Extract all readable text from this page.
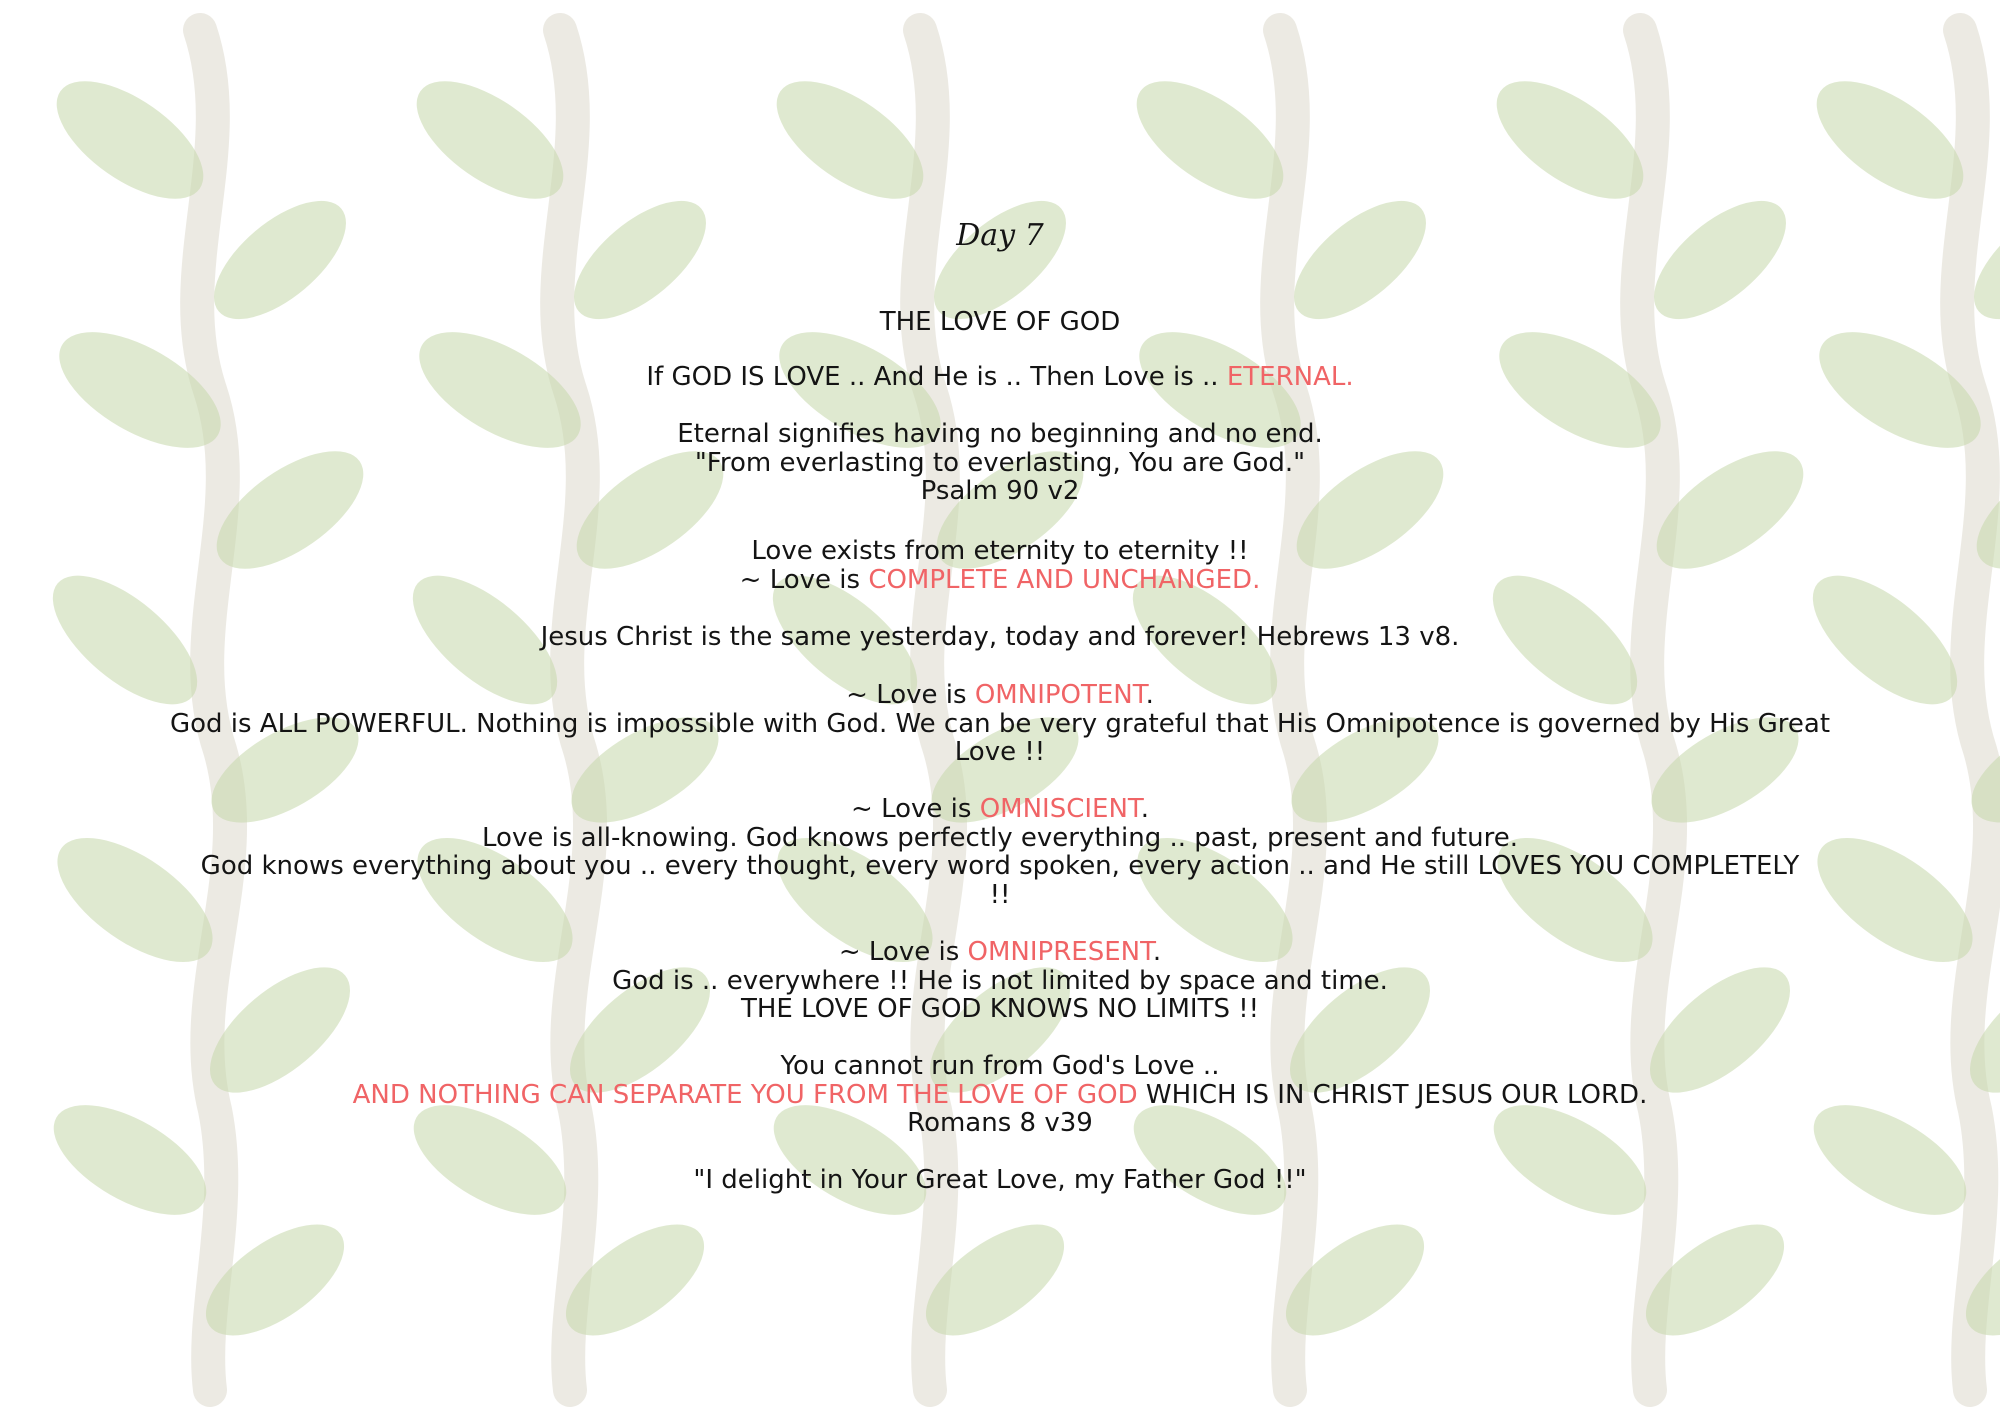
Day 7
THE LOVE OF GOD
If GOD IS LOVE .. And He is .. Then Love is .. ETERNAL.
Eternal signifies having no beginning and no end.
"From everlasting to everlasting, You are God."
Psalm 90 v2
Love exists from eternity to eternity !!
~ Love is COMPLETE AND UNCHANGED.
Jesus Christ is the same yesterday, today and forever! Hebrews 13 v8.
~ Love is OMNIPOTENT.
God is ALL POWERFUL. Nothing is impossible with God. We can be very grateful that His Omnipotence is governed by His Great Love !!
~ Love is OMNISCIENT.
Love is all-knowing. God knows perfectly everything .. past, present and future.
God knows everything about you .. every thought, every word spoken, every action .. and He still LOVES YOU COMPLETELY !!
~ Love is OMNIPRESENT.
God is .. everywhere !! He is not limited by space and time.
THE LOVE OF GOD KNOWS NO LIMITS !!
You cannot run from God's Love ..
AND NOTHING CAN SEPARATE YOU FROM THE LOVE OF GOD WHICH IS IN CHRIST JESUS OUR LORD.
Romans 8 v39
"I delight in Your Great Love, my Father God !!"
